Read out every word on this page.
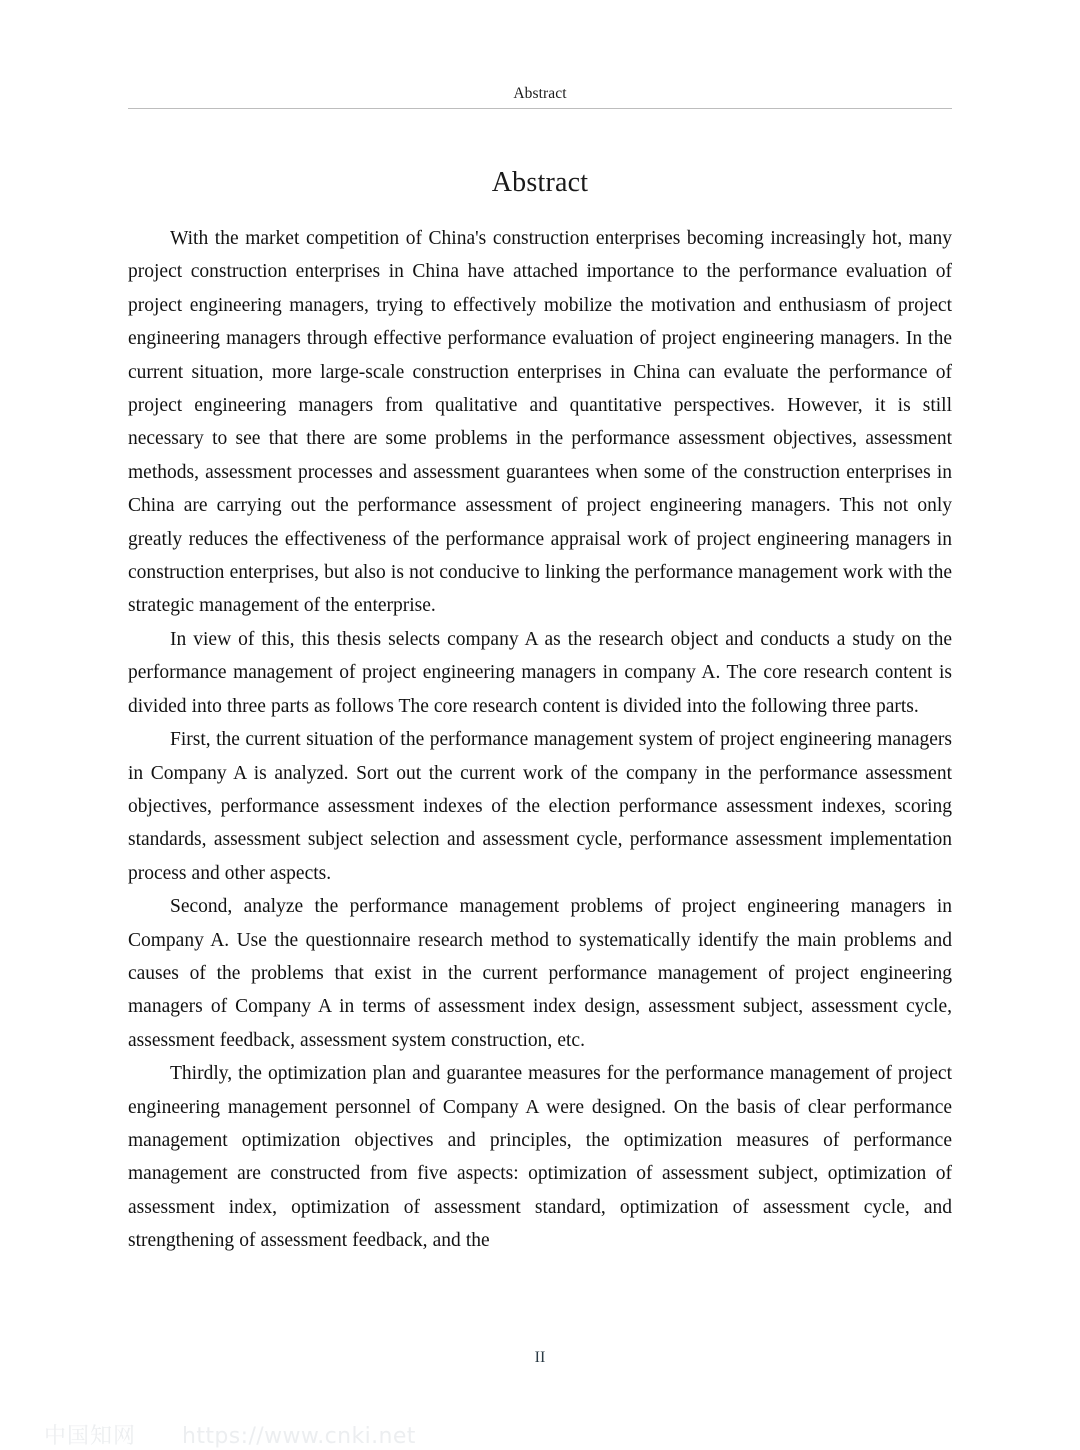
Abstract
Abstract

With the market competition of China's construction enterprises becoming increasingly hot, many project construction enterprises in China have attached importance to the performance evaluation of project engineering managers, trying to effectively mobilize the motivation and enthusiasm of project engineering managers through effective performance evaluation of project engineering managers. In the current situation, more large-scale construction enterprises in China can evaluate the performance of project engineering managers from qualitative and quantitative perspectives. However, it is still necessary to see that there are some problems in the performance assessment objectives, assessment methods, assessment processes and assessment guarantees when some of the construction enterprises in China are carrying out the performance assessment of project engineering managers. This not only greatly reduces the effectiveness of the performance appraisal work of project engineering managers in construction enterprises, but also is not conducive to linking the performance management work with the strategic management of the enterprise.

In view of this, this thesis selects company A as the research object and conducts a study on the performance management of project engineering managers in company A. The core research content is divided into three parts as follows The core research content is divided into the following three parts.

First, the current situation of the performance management system of project engineering managers in Company A is analyzed. Sort out the current work of the company in the performance assessment objectives, performance assessment indexes of the election performance assessment indexes, scoring standards, assessment subject selection and assessment cycle, performance assessment implementation process and other aspects.

Second, analyze the performance management problems of project engineering managers in Company A. Use the questionnaire research method to systematically identify the main problems and causes of the problems that exist in the current performance management of project engineering managers of Company A in terms of assessment index design, assessment subject, assessment cycle, assessment feedback, assessment system construction, etc.

Thirdly, the optimization plan and guarantee measures for the performance management of project engineering management personnel of Company A were designed. On the basis of clear performance management optimization objectives and principles, the optimization measures of performance management are constructed from five aspects: optimization of assessment subject, optimization of assessment index, optimization of assessment standard, optimization of assessment cycle, and strengthening of assessment feedback, and the

II
中国知网 https://www.cnki.net
